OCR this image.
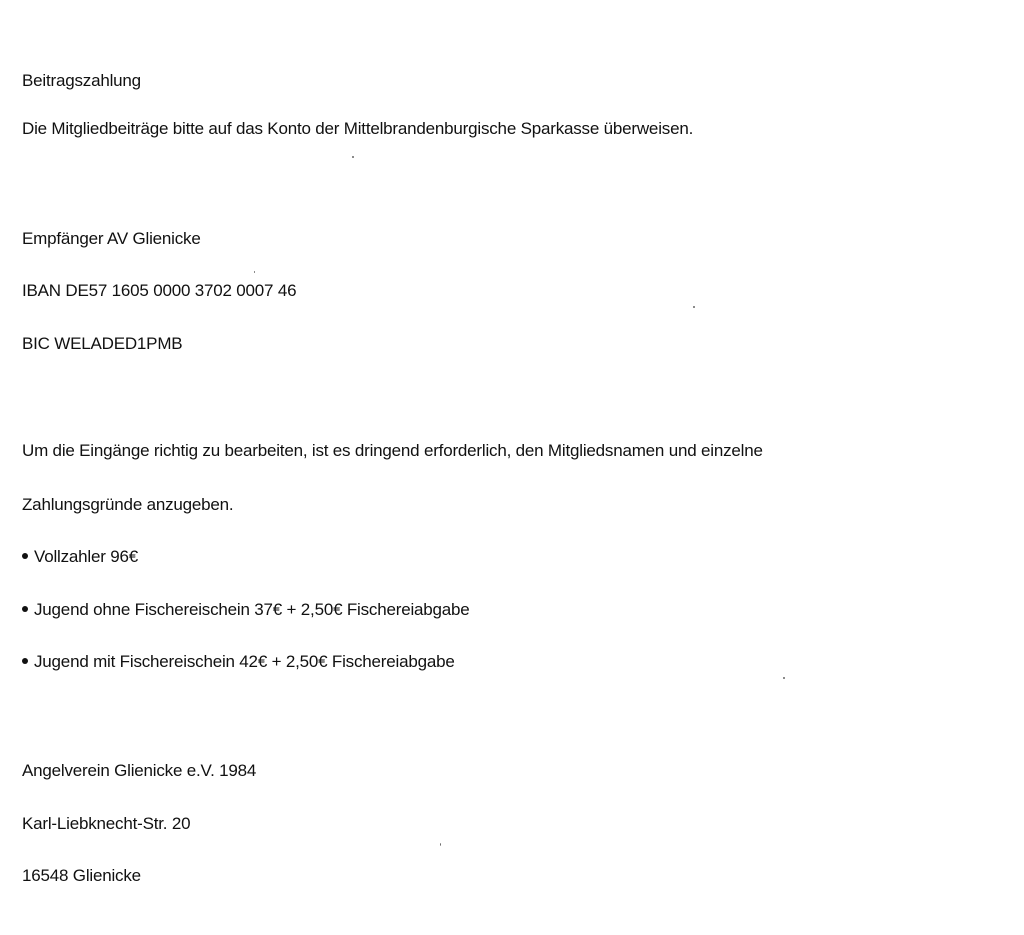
Beitragszahlung
Die Mitgliedbeiträge bitte auf das Konto der Mittelbrandenburgische Sparkasse überweisen.
Empfänger AV Glienicke
IBAN DE57 1605 0000 3702 0007 46
BIC WELADED1PMB
Um die Eingänge richtig zu bearbeiten, ist es dringend erforderlich, den Mitgliedsnamen und einzelne
Zahlungsgründe anzugeben.
Vollzahler 96€
Jugend ohne Fischereischein 37€ + 2,50€ Fischereiabgabe
Jugend mit Fischereischein 42€ + 2,50€ Fischereiabgabe
Angelverein Glienicke e.V. 1984
Karl-Liebknecht-Str. 20
16548 Glienicke
